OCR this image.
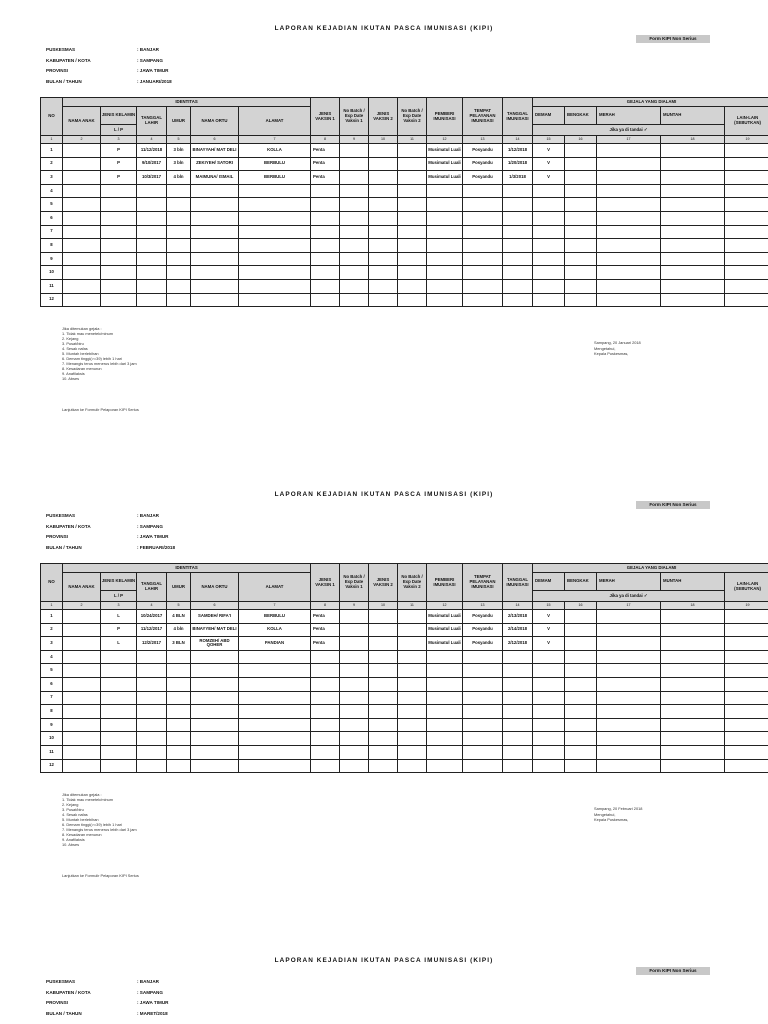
LAPORAN KEJADIAN IKUTAN PASCA IMUNISASI (KIPI)
Form KIPI Non Serius
PUSKESMAS	: BANJAR
KABUPATEN / KOTA	: SAMPANG
PROVINSI	: JAWA TIMUR
BULAN / TAHUN	: JANUARI/2018
NO	IDENTITAS						JENIS VAKSIN 1	No Batch / Exp Date Vaksin 1	JENIS VAKSIN 2	No Batch / Exp Date Vaksin 2	PEMBERI IMUNISASI	TEMPAT PELAYANAN IMUNISASI	TANGGAL IMUNISASI	GEJALA YANG DIALAMI				
	NAMA ANAK	JENIS KELAMIN	TANGGAL LAHIR	UMUR	NAMA ORTU	ALAMAT								DEMAM	BENGKAK	MERAH	MUNTAH	LAIN-LAIN (SEBUTKAN)
		L / P												Jika ya di tandai ✓				
1	2	3	4	5	6	7	8	9	10	11	12	13	14	15	16	17	18	19
1		P	11/12/2018	3 bln	BINAYYAH/ MAT DELI	KOLLA	Penta				Musimatul Luali	Posyandu	1/12/2018	V				
2		P	9/10/2017	3 bln	ZEKIYEH/ SATORI	BERBULU	Penta				Musimatul Luali	Posyandu	1/20/2018	V				
3		P	10/3/2017	4 bln	MAIMUNA/ ISMAIL	BERBULU	Penta				Musimatul Luali	Posyandu	1/3/2018	V				
4																		
5																		
6																		
7																		
8																		
9																		
10																		
11																		
12																		
Jika ditemukan gejala :
1. Tidak mau menetek/minum
2. Kejang
3. Pusat/biru
4. Sesak nafas
5. Muntah berlebihan
6. Demam tinggi(>=39) lebih 1 hari
7. Menangis terus menerus lebih dari 3 jam
8. Kesadaran menurun
9. Anafilaksis
10. Abses
Sampang, 20 Januari 2018
Mengetahui,
Kepala Puskesmas,
Lanjutkan ke Formulir Pelaporan KIPI Serius
LAPORAN KEJADIAN IKUTAN PASCA IMUNISASI (KIPI)
Form KIPI Non Serius
PUSKESMAS	: BANJAR
KABUPATEN / KOTA	: SAMPANG
PROVINSI	: JAWA TIMUR
BULAN / TAHUN	: FEBRUARI/2018
NO	IDENTITAS						JENIS VAKSIN 1	No Batch / Exp Date Vaksin 1	JENIS VAKSIN 2	No Batch / Exp Date Vaksin 2	PEMBERI IMUNISASI	TEMPAT PELAYANAN IMUNISASI	TANGGAL IMUNISASI	GEJALA YANG DIALAMI				
	NAMA ANAK	JENIS KELAMIN	TANGGAL LAHIR	UMUR	NAMA ORTU	ALAMAT								DEMAM	BENGKAK	MERAH	MUNTAH	LAIN-LAIN (SEBUTKAN)
		L / P												Jika ya di tandai ✓				
1	2	3	4	5	6	7	8	9	10	11	12	13	14	15	16	17	18	19
1		L	10/24/2017	4 BLN	SAMDEH/ RIFA'I	BERBULU	Penta				Musimatul Luali	Posyandu	2/13/2018	V				
2		P	11/12/2017	4 bln	BINAYYEH/ MAT DELI	KOLLA	Penta				Musimatul Luali	Posyandu	2/14/2018	V				
3		L	12/2/2017	3 BLN	ROMZEH/ ABD QOHER	PANDIAN	Penta				Musimatul Luali	Posyandu	2/12/2018	V				
4																		
5																		
6																		
7																		
8																		
9																		
10																		
11																		
12																		
Jika ditemukan gejala :
1. Tidak mau menetek/minum
2. Kejang
3. Pusat/biru
4. Sesak nafas
5. Muntah berlebihan
6. Demam tinggi(>=39) lebih 1 hari
7. Menangis terus menerus lebih dari 3 jam
8. Kesadaran menurun
9. Anafilaksis
10. Abses
Sampang, 20 Februari 2018
Mengetahui,
Kepala Puskesmas,
Lanjutkan ke Formulir Pelaporan KIPI Serius
LAPORAN KEJADIAN IKUTAN PASCA IMUNISASI (KIPI)
Form KIPI Non Serius
PUSKESMAS	: BANJAR
KABUPATEN / KOTA	: SAMPANG
PROVINSI	: JAWA TIMUR
BULAN / TAHUN	: MARET/2018
